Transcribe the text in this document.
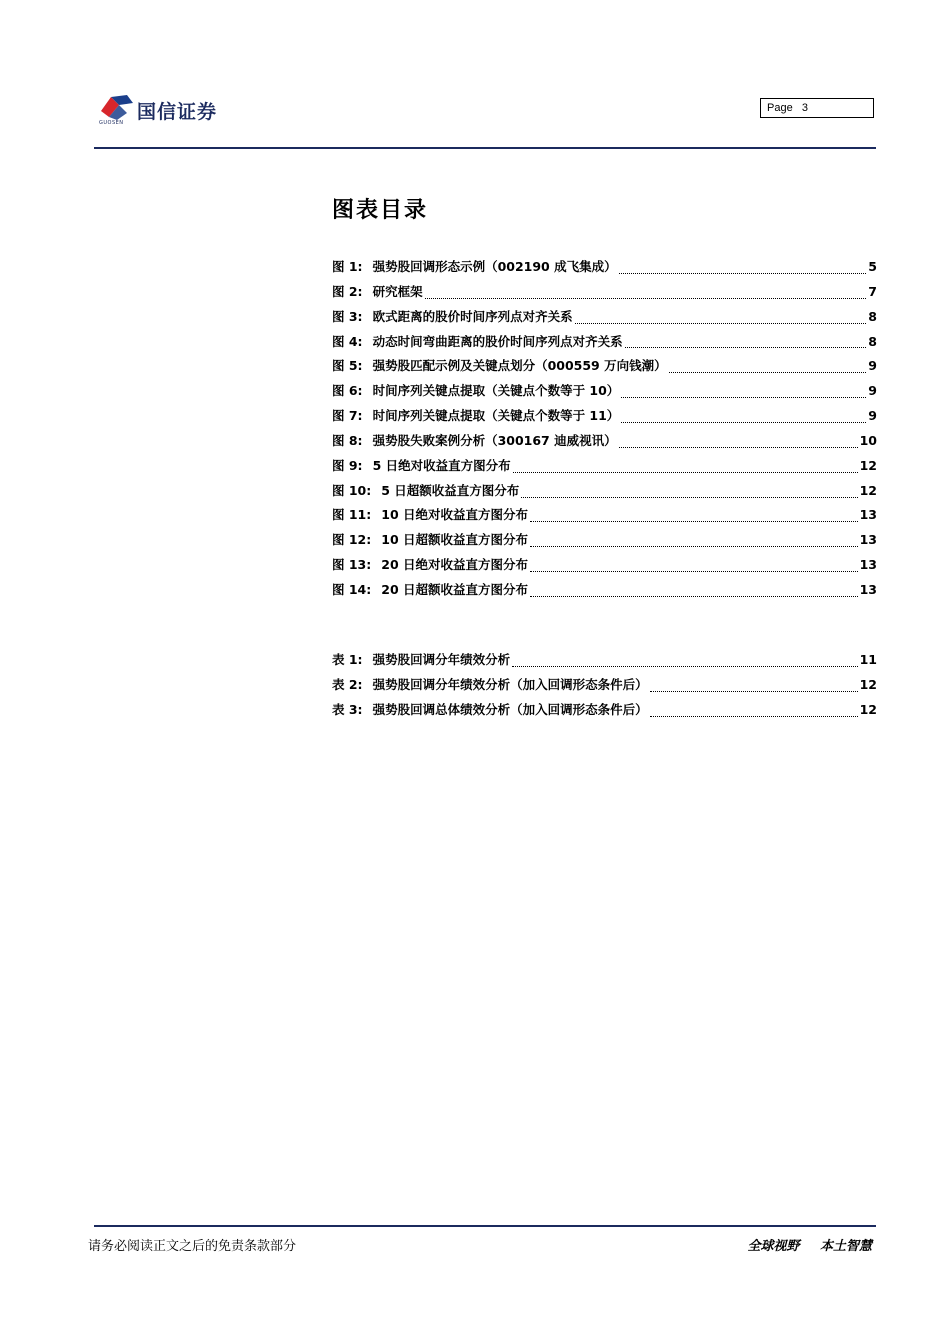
国信证券
GUOSEN
Page 3
图表目录
图 1: 强势股回调形态示例（002190 成飞集成）	5
图 2: 研究框架	7
图 3: 欧式距离的股价时间序列点对齐关系	8
图 4: 动态时间弯曲距离的股价时间序列点对齐关系	8
图 5: 强势股匹配示例及关键点划分（000559 万向钱潮）	9
图 6: 时间序列关键点提取（关键点个数等于 10）	9
图 7: 时间序列关键点提取（关键点个数等于 11）	9
图 8: 强势股失败案例分析（300167 迪威视讯）	10
图 9: 5 日绝对收益直方图分布	12
图 10: 5 日超额收益直方图分布	12
图 11: 10 日绝对收益直方图分布	13
图 12: 10 日超额收益直方图分布	13
图 13: 20 日绝对收益直方图分布	13
图 14: 20 日超额收益直方图分布	13
表 1: 强势股回调分年绩效分析	11
表 2: 强势股回调分年绩效分析（加入回调形态条件后）	12
表 3: 强势股回调总体绩效分析（加入回调形态条件后）	12
请务必阅读正文之后的免责条款部分	全球视野 本土智慧
